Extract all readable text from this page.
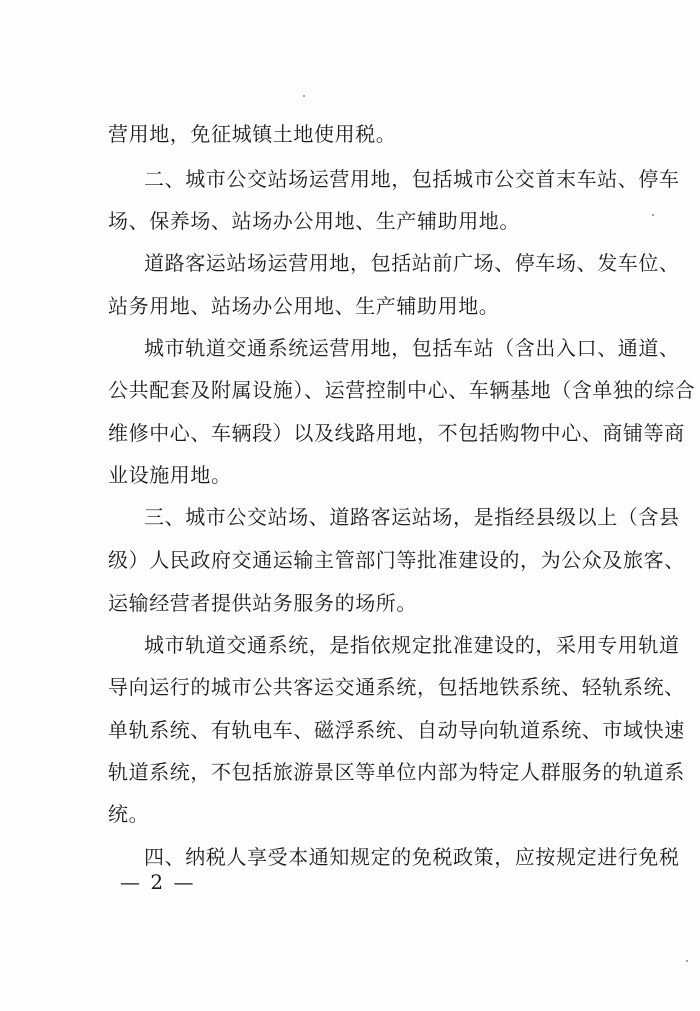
营用地，免征城镇土地使用税。
二、城市公交站场运营用地，包括城市公交首末车站、停车
场、保养场、站场办公用地、生产辅助用地。
道路客运站场运营用地，包括站前广场、停车场、发车位、
站务用地、站场办公用地、生产辅助用地。
城市轨道交通系统运营用地，包括车站（含出入口、通道、
公共配套及附属设施）、运营控制中心、车辆基地（含单独的综合
维修中心、车辆段）以及线路用地，不包括购物中心、商铺等商
业设施用地。
三、城市公交站场、道路客运站场，是指经县级以上（含县
级）人民政府交通运输主管部门等批准建设的，为公众及旅客、
运输经营者提供站务服务的场所。
城市轨道交通系统，是指依规定批准建设的，采用专用轨道
导向运行的城市公共客运交通系统，包括地铁系统、轻轨系统、
单轨系统、有轨电车、磁浮系统、自动导向轨道系统、市域快速
轨道系统，不包括旅游景区等单位内部为特定人群服务的轨道系
统。
四、纳税人享受本通知规定的免税政策，应按规定进行免税
— 2 —
